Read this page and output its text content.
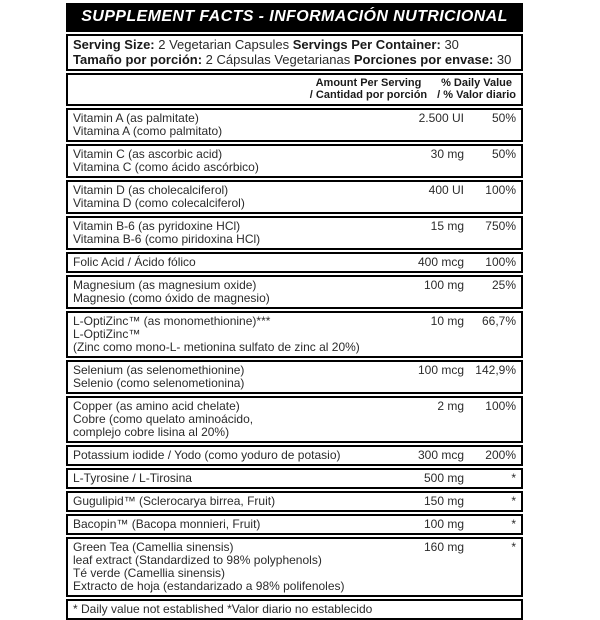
SUPPLEMENT FACTS - INFORMACIÓN NUTRICIONAL
Serving Size: 2 Vegetarian Capsules Servings Per Container: 30
Tamaño por porción: 2 Cápsulas Vegetarianas Porciones por envase: 30
Amount Per Serving
/ Cantidad por porción
% Daily Value
/ % Valor diario
Vitamin A (as palmitate)
Vitamina A (como palmitato)
2.500 UI	50%
Vitamin C (as ascorbic acid)
Vitamina C (como ácido ascórbico)
30 mg	50%
Vitamin D (as cholecalciferol)
Vitamina D (como colecalciferol)
400 UI	100%
Vitamin B-6 (as pyridoxine HCl)
Vitamina B-6 (como piridoxina HCl)
15 mg	750%
Folic Acid / Ácido fólico	400 mcg	100%
Magnesium (as magnesium oxide)
Magnesio (como óxido de magnesio)
100 mg	25%
L-OptiZinc™ (as monomethionine)***
L-OptiZinc™
(Zinc como mono-L- metionina sulfato de zinc al 20%)
10 mg	66,7%
Selenium (as selenomethionine)
Selenio (como selenometionina)
100 mcg 142,9%
Copper (as amino acid chelate)
Cobre (como quelato aminoácido,
complejo cobre lisina al 20%)
2 mg	100%
Potassium iodide / Yodo (como yoduro de potasio)	300 mcg	200%
L-Tyrosine / L-Tirosina	500 mg	*
Gugulipid™ (Sclerocarya birrea, Fruit)	150 mg	*
Bacopin™ (Bacopa monnieri, Fruit)	100 mg	*
Green Tea (Camellia sinensis)
leaf extract (Standardized to 98% polyphenols)
Té verde (Camellia sinensis)
Extracto de hoja (estandarizado a 98% polifenoles)
160 mg	*
* Daily value not established *Valor diario no establecido
